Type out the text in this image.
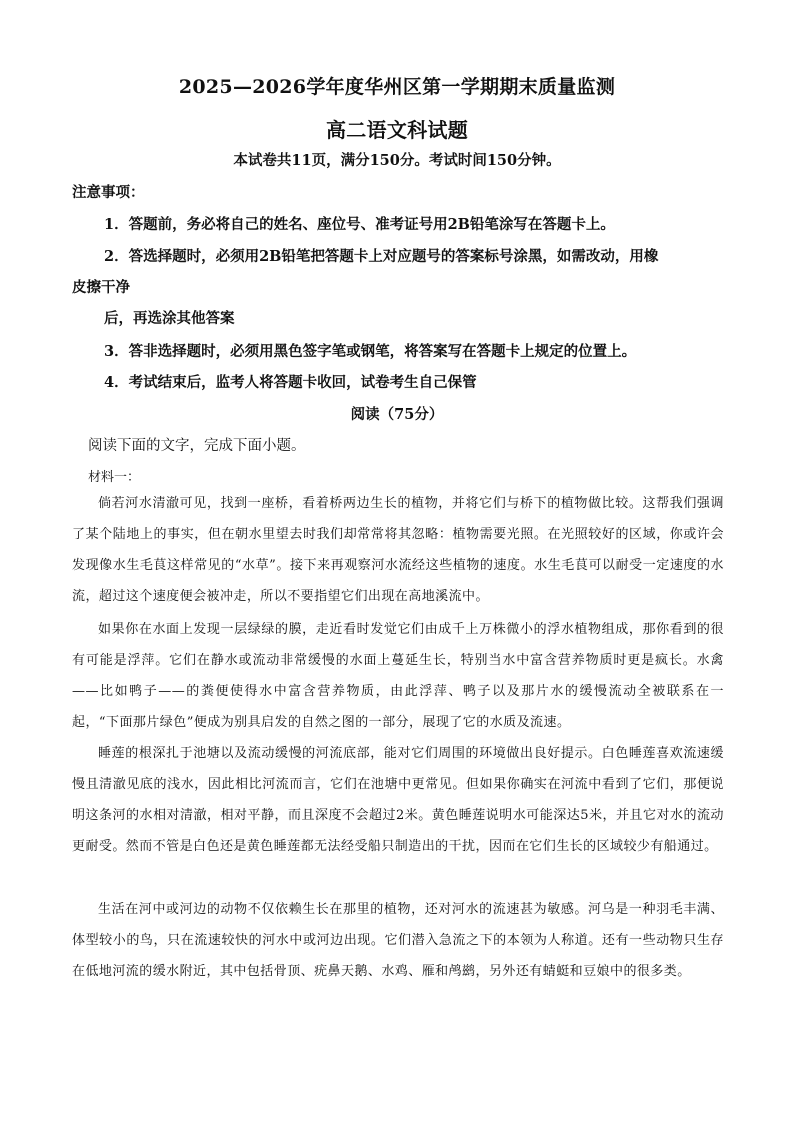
2025—2026学年度华州区第一学期期末质量监测
高二语文科试题
本试卷共11页，满分150分。考试时间150分钟。
注意事项：
1．答题前，务必将自己的姓名、座位号、准考证号用2B铅笔涂写在答题卡上。
2．答选择题时，必须用2B铅笔把答题卡上对应题号的答案标号涂黑，如需改动，用橡
皮擦干净
后，再选涂其他答案
3．答非选择题时，必须用黑色签字笔或钢笔，将答案写在答题卡上规定的位置上。
4．考试结束后，监考人将答题卡收回，试卷考生自己保管
阅读（75分）
阅读下面的文字，完成下面小题。
材料一：
倘若河水清澈可见，找到一座桥，看着桥两边生长的植物，并将它们与桥下的植物做比较。这帮我们强调了某个陆地上的事实，但在朝水里望去时我们却常常将其忽略：植物需要光照。在光照较好的区域，你或许会发现像水生毛茛这样常见的“水草”。接下来再观察河水流经这些植物的速度。水生毛茛可以耐受一定速度的水流，超过这个速度便会被冲走，所以不要指望它们出现在高地溪流中。
如果你在水面上发现一层绿绿的膜，走近看时发觉它们由成千上万株微小的浮水植物组成，那你看到的很有可能是浮萍。它们在静水或流动非常缓慢的水面上蔓延生长，特别当水中富含营养物质时更是疯长。水禽——比如鸭子——的粪便使得水中富含营养物质，由此浮萍、鸭子以及那片水的缓慢流动全被联系在一起，“下面那片绿色”便成为别具启发的自然之图的一部分，展现了它的水质及流速。
睡莲的根深扎于池塘以及流动缓慢的河流底部，能对它们周围的环境做出良好提示。白色睡莲喜欢流速缓慢且清澈见底的浅水，因此相比河流而言，它们在池塘中更常见。但如果你确实在河流中看到了它们，那便说明这条河的水相对清澈，相对平静，而且深度不会超过2米。黄色睡莲说明水可能深达5米，并且它对水的流动更耐受。然而不管是白色还是黄色睡莲都无法经受船只制造出的干扰，因而在它们生长的区域较少有船通过。
生活在河中或河边的动物不仅依赖生长在那里的植物，还对河水的流速甚为敏感。河乌是一种羽毛丰满、体型较小的鸟，只在流速较快的河水中或河边出现。它们潜入急流之下的本领为人称道。还有一些动物只生存在低地河流的缓水附近，其中包括骨顶、疣鼻天鹅、水鸡、雁和鸬鹚，另外还有蜻蜓和豆娘中的很多类。
